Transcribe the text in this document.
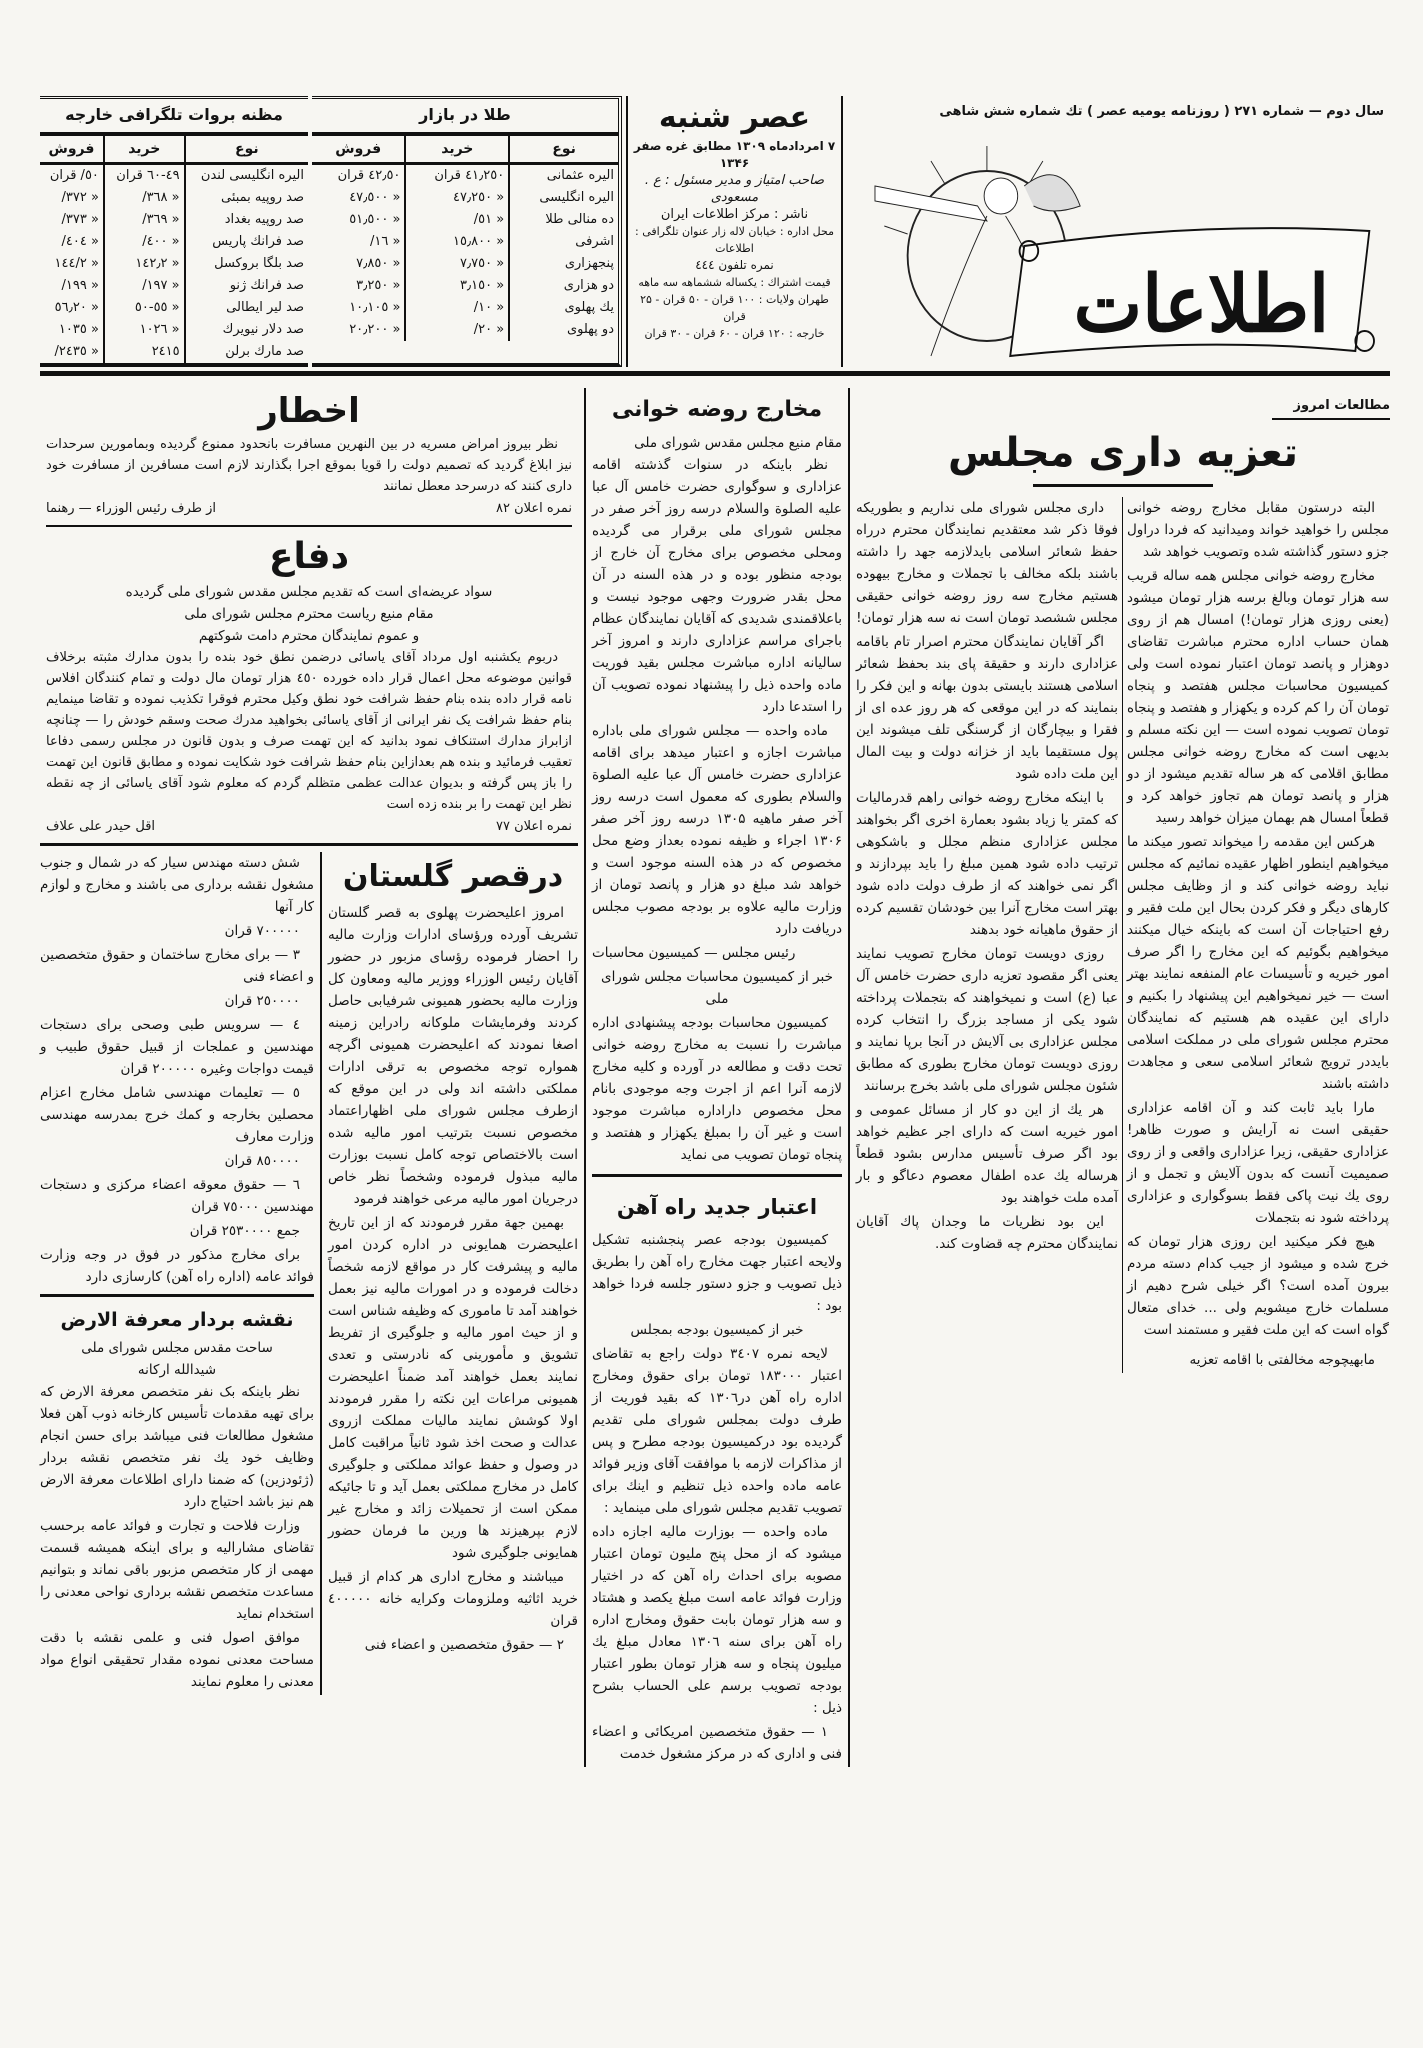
مظنه بروات تلگرافی خارجه
نوع	خرید	فروش
الیره انگلیسی لندن	٤٩-٦٠ قران	٥٠/ قران
صد روپیه بمبئی	« ٣٦٨/	« ٣٧٢/
صد روپیه بغداد	« ٣٦٩/	« ٣٧٣/
صد فرانك پاریس	« ٤٠٠/	« ٤٠٤/
صد بلگا بروکسل	« ١٤٢٫٢	« ١٤٤/٢
صد فرانك ژنو	« ١٩٧/	« ١٩٩/
صد لیر ایطالی	« ٥٥-٥٠	« ٥٦٫٢٠
صد دلار نیویرك	« ١٠٢٦	« ١٠٣٥
صد مارك برلن	٢٤١٥	« ٢٤٣٥/
طلا در بازار
نوع	خرید	فروش
الیره عثمانی	٤١٫٢٥٠ قران	٤٢٫٥٠ قران
الیره انگلیسی	« ٤٧٫٢٥٠	« ٤٧٫٥٠٠
ده منالی طلا	« ٥١/	« ٥١٫٥٠٠
اشرفی	« ١٥٫٨٠٠	« ١٦/
پنجهزاری	« ٧٫٧٥٠	« ٧٫٨٥٠
دو هزاری	« ٣٫١٥٠	« ٣٫٢٥٠
یك پهلوی	« ١٠/	« ١٠٫١٠٥
دو پهلوی	« ٢٠/	« ٢٠٫٢٠٠
عصر شنبه
۷ امردادماه ۱۳۰۹ مطابق غره صفر ۱۳۴۶
صاحب امتیاز و مدیر مسئول : ع . مسعودی
ناشر : مرکز اطلاعات ایران
محل اداره : خیابان لاله زار عنوان تلگرافی : اطلاعات
نمره تلفون ٤٤٤
قیمت اشتراك : یکساله ششماهه سه ماهه
طهران ولایات : ۱۰۰ قران - ۵۰ قران - ۲۵ قران
خارجه : ۱۲۰ قران - ۶۰ قران - ۳۰ قران
سال دوم — شماره ۲۷۱ ( روزنامه یومیه عصر ) تك شماره شش شاهی
اطلاعات
اخطار

نظر بیروز امراض مسریه در بین النهرین مسافرت بانحدود ممنوع گردیده وبمامورین سرحدات نیز ابلاغ گردید که تصمیم دولت را قویا بموقع اجرا بگذارند لازم است مسافرین از مسافرت خود داری کنند که درسرحد معطل نمانند

نمره اعلان ۸۲
از طرف رئیس الوزراء — رهنما
دفاع
سواد عریضه‌ای است که تقدیم مجلس مقدس شورای ملی گردیده
مقام منیع ریاست محترم مجلس شورای ملی
و عموم نمایندگان محترم دامت شوکتهم

دربوم یکشنبه اول مرداد آقای یاسائی درضمن نطق خود بنده را بدون مدارك مثبته برخلاف قوانین موضوعه محل اعمال قرار داده خورده ٤٥٠ هزار تومان مال دولت و تمام کنندگان افلاس نامه قرار داده بنده بنام حفظ شرافت خود نطق وکیل محترم فوقرا تکذیب نموده و تقاضا مینمایم بنام حفظ شرافت یک نفر ایرانی از آقای یاسائی بخواهید مدرك صحت وسقم خودش را — چنانچه ازابراز مدارك استنکاف نمود بدانید که این تهمت صرف و بدون قانون در مجلس رسمی دفاعا تعقیب فرمائید و بنده هم بعدازاین بنام حفظ شرافت خود شکایت نموده و مطابق قانون این تهمت را باز پس گرفته و بدیوان عدالت عظمی متظلم گردم که معلوم شود آقای یاسائی از چه نقطه نظر این تهمت را بر بنده زده است

نمره اعلان ۷۷
اقل حیدر علی علاف

شش دسته مهندس سیار که در شمال و جنوب مشغول نقشه برداری می باشند و مخارج و لوازم کار آنها

٧٠٠٠٠٠ قران

٣ — برای مخارج ساختمان و حقوق متخصصین و اعضاء فنی

٢٥٠٠٠٠ قران

٤ — سرویس طبی وصحی برای دستجات مهندسین و عملجات از قبیل حقوق طبیب و قیمت دواجات وغیره ٢٠٠٠٠٠ قران

٥ — تعلیمات مهندسی شامل مخارج اعزام محصلین بخارجه و کمك خرج بمدرسه مهندسی وزارت معارف

٨٥٠٠٠٠ قران

٦ — حقوق معوقه اعضاء مرکزی و دستجات مهندسین ٧٥٠٠٠ قران

جمع ٢٥٣٠٠٠٠ قران

برای مخارج مذکور در فوق در وجه وزارت فوائد عامه (اداره راه آهن) کارسازی دارد

نقشه بردار معرفة الارض
ساحت مقدس مجلس شورای ملی
شیدالله ارکانه

نظر باینکه بک نفر متخصص معرفة الارض که برای تهیه مقدمات تأسیس کارخانه ذوب آهن فعلا مشغول مطالعات فنی میباشد برای حسن انجام وظایف خود یك نفر متخصص نقشه بردار (ژئودزین) که ضمنا دارای اطلاعات معرفة الارض هم نیز باشد احتیاج دارد

وزارت فلاحت و تجارت و فوائد عامه برحسب تقاضای مشارالیه و برای اینکه همیشه قسمت مهمی از کار متخصص مزبور باقی نماند و بتوانیم مساعدت متخصص نقشه برداری نواحی معدنی را استخدام نماید

موافق اصول فنی و علمی نقشه با دقت مساحت معدنی نموده مقدار تحقیقی انواع مواد معدنی را معلوم نمایند

درقصر گلستان

امروز اعلیحضرت پهلوی به قصر گلستان تشریف آورده ورؤسای ادارات وزارت مالیه را احضار فرموده رؤسای مزبور در حضور آقایان رئیس الوزراء ووزیر مالیه ومعاون کل وزارت مالیه بحضور همیونی شرفیابی حاصل کردند وفرمایشات ملوکانه رادراین زمینه اصغا نمودند که اعلیحضرت همیونی اگرچه همواره توجه مخصوص به ترقی ادارات مملکتی داشته اند ولی در این موقع که ازطرف مجلس شورای ملی اظهاراعتماد مخصوص نسبت بترتیب امور مالیه شده است بالاختصاص توجه کامل نسبت بوزارت مالیه مبذول فرموده وشخصاً نظر خاص درجریان امور مالیه مرعی خواهند فرمود

بهمین جهة مقرر فرمودند که از این تاریخ اعلیحضرت همایونی در اداره کردن امور مالیه و پیشرفت کار در مواقع لازمه شخصاً دخالت فرموده و در امورات مالیه نیز بعمل خواهند آمد تا ماموری که وظیفه شناس است و از حیث امور مالیه و جلوگیری از تفریط تشویق و مأمورینی که نادرستی و تعدی نمایند بعمل خواهند آمد ضمناً اعلیحضرت همیونی مراعات این نکته را مقرر فرمودند اولا کوشش نمایند مالیات مملکت ازروی عدالت و صحت اخذ شود ثانیاً مراقبت کامل در وصول و حفظ عوائد مملکتی و جلوگیری کامل در مخارج مملکتی بعمل آید و تا جائیکه ممکن است از تحمیلات زائد و مخارج غیر لازم بپرهیزند ها ورین ما فرمان حضور همایونی جلوگیری شود

میباشند و مخارج اداری هر کدام از قبیل خرید اثاثیه وملزومات وکرایه خانه ٤٠٠٠٠٠ قران

٢ — حقوق متخصصین و اعضاء فنی

مخارج روضه خوانی
مقام منیع مجلس مقدس شورای ملی

نظر باینکه در سنوات گذشته اقامه عزاداری و سوگواری حضرت خامس آل عبا علیه الصلوة والسلام درسه روز آخر صفر در مجلس شورای ملی برقرار می گردیده ومحلی مخصوص برای مخارج آن خارج از بودجه منظور بوده و در هذه السنه در آن محل بقدر ضرورت وجهی موجود نیست و باعلاقمندی شدیدی که آقایان نمایندگان عظام باجرای مراسم عزاداری دارند و امروز آخر سالیانه اداره مباشرت مجلس بقید فوریت ماده واحده ذیل را پیشنهاد نموده تصویب آن را استدعا دارد

ماده واحده — مجلس شورای ملی باداره مباشرت اجازه و اعتبار میدهد برای اقامه عزاداری حضرت خامس آل عبا علیه الصلوة والسلام بطوری که معمول است درسه روز آخر صفر ماهیه ۱۳۰۵ درسه روز آخر صفر ۱۳۰۶ اجراء و ظیفه نموده بعداز وضع محل مخصوص که در هذه السنه موجود است و خواهد شد مبلغ دو هزار و پانصد تومان از وزارت مالیه علاوه بر بودجه مصوب مجلس دریافت دارد

رئیس مجلس — کمیسیون محاسبات

خبر از کمیسیون محاسبات مجلس شورای ملی

کمیسیون محاسبات بودجه پیشنهادی اداره مباشرت را نسبت به مخارج روضه خوانی تحت دقت و مطالعه در آورده و کلیه مخارج لازمه آنرا اعم از اجرت وجه موجودی بانام محل مخصوص داراداره مباشرت موجود است و غیر آن را بمبلغ یکهزار و هفتصد و پنجاه تومان تصویب می نماید

اعتبار جدید راه آهن

کمیسیون بودجه عصر پنجشنبه تشکیل ولایحه اعتبار جهت مخارج راه آهن را بطریق ذیل تصویب و جزو دستور جلسه فردا خواهد بود :

خبر از کمیسیون بودجه بمجلس

لایحه نمره ٣٤٠٧ دولت راجع به تقاضای اعتبار ١٨٣٠٠٠ تومان برای حقوق ومخارج اداره راه آهن در١٣٠٦ که بقید فوریت از طرف دولت بمجلس شورای ملی تقدیم گردیده بود درکمیسیون بودجه مطرح و پس از مذاکرات لازمه با موافقت آقای وزیر فوائد عامه ماده واحده ذیل تنظیم و اینك برای تصویب تقدیم مجلس شورای ملی مینماید :

ماده واحده — بوزارت مالیه اجازه داده میشود که از محل پنج ملیون تومان اعتبار مصوبه برای احداث راه آهن که در اختیار وزارت فوائد عامه است مبلغ یکصد و هشتاد و سه هزار تومان بابت حقوق ومخارج اداره راه آهن برای سنه ١٣٠٦ معادل مبلغ یك میلیون پنجاه و سه هزار تومان بطور اعتبار بودجه تصویب برسم علی الحساب بشرح ذیل :

١ — حقوق متخصصین امریکائی و اعضاء فنی و اداری که در مرکز مشغول خدمت

مطالعات امروز
تعزیه داری مجلس

داری مجلس شورای ملی نداریم و بطوریکه فوقا ذکر شد معتقدیم نمایندگان محترم درراه حفظ شعائر اسلامی بایدلازمه جهد را داشته باشند بلکه مخالف با تجملات و مخارج بیهوده هستیم مخارج سه روز روضه خوانی حقیقی مجلس ششصد تومان است نه سه هزار تومان!

اگر آقایان نمایندگان محترم اصرار تام باقامه عزاداری دارند و حقیقة پای بند بحفظ شعائر اسلامی هستند بایستی بدون بهانه و این فکر را بنمایند که در این موقعی که هر روز عده ای از فقرا و بیچارگان از گرسنگی تلف میشوند این پول مستقیما باید از خزانه دولت و بیت المال این ملت داده شود

با اینکه مخارج روضه خوانی راهم قدرمالیات که کمتر یا زیاد بشود بعمارة اخری اگر بخواهند مجلس عزاداری منظم مجلل و باشکوهی ترتیب داده شود همین مبلغ را باید بپردازند و اگر نمی خواهند که از طرف دولت داده شود بهتر است مخارج آنرا بین خودشان تقسیم کرده از حقوق ماهیانه خود بدهند

روزی دویست تومان مخارج تصویب نمایند یعنی اگر مقصود تعزیه داری حضرت خامس آل عبا (ع) است و نمیخواهند که بتجملات پرداخته شود یکی از مساجد بزرگ را انتخاب کرده مجلس عزاداری بی آلایش در آنجا برپا نمایند و روزی دویست تومان مخارج بطوری که مطابق شئون مجلس شورای ملی باشد بخرج برسانند

هر یك از این دو کار از مسائل عمومی و امور خیریه است که دارای اجر عظیم خواهد بود اگر صرف تأسیس مدارس بشود قطعاً هرساله یك عده اطفال معصوم دعاگو و بار آمده ملت خواهند بود

این بود نظریات ما وجدان پاك آقایان نمایندگان محترم چه قضاوت کند.

البته درستون مقابل مخارج روضه خوانی مجلس را خواهید خواند ومیدانید که فردا دراول جزو دستور گذاشته شده وتصویب خواهد شد

مخارج روضه خوانی مجلس همه ساله قریب سه هزار تومان وبالغ برسه هزار تومان میشود (یعنی روزی هزار تومان!) امسال هم از روی همان حساب اداره محترم مباشرت تقاضای دوهزار و پانصد تومان اعتبار نموده است ولی کمیسیون محاسبات مجلس هفتصد و پنجاه تومان آن را کم کرده و یکهزار و هفتصد و پنجاه تومان تصویب نموده است — این نکته مسلم و بدیهی است که مخارج روضه خوانی مجلس مطابق اقلامی که هر ساله تقدیم میشود از دو هزار و پانصد تومان هم تجاوز خواهد کرد و قطعاً امسال هم بهمان میزان خواهد رسید

هرکس این مقدمه را میخواند تصور میکند ما میخواهیم اینطور اظهار عقیده نمائیم که مجلس نباید روضه خوانی کند و از وظایف مجلس کارهای دیگر و فکر کردن بحال این ملت فقیر و رفع احتیاجات آن است که باینکه خیال میکنند میخواهیم بگوئیم که این مخارج را اگر صرف امور خیریه و تأسیسات عام المنفعه نمایند بهتر است — خیر نمیخواهیم این پیشنهاد را بکنیم و دارای این عقیده هم هستیم که نمایندگان محترم مجلس شورای ملی در مملکت اسلامی بایددر ترویج شعائر اسلامی سعی و مجاهدت داشته باشند

مارا باید ثابت کند و آن اقامه عزاداری حقیقی است نه آرایش و صورت ظاهر! عزاداری حقیقی، زیرا عزاداری واقعی و از روی صمیمیت آنست که بدون آلایش و تجمل و از روی یك نیت پاکی فقط بسوگواری و عزاداری پرداخته شود نه بتجملات

هیچ فکر میکنید این روزی هزار تومان که خرج شده و میشود از جیب کدام دسته مردم بیرون آمده است؟ اگر خیلی شرح دهیم از مسلمات خارج میشویم ولی ... خدای متعال گواه است که این ملت فقیر و مستمند است

مابهیچوجه مخالفتی با اقامه تعزیه
